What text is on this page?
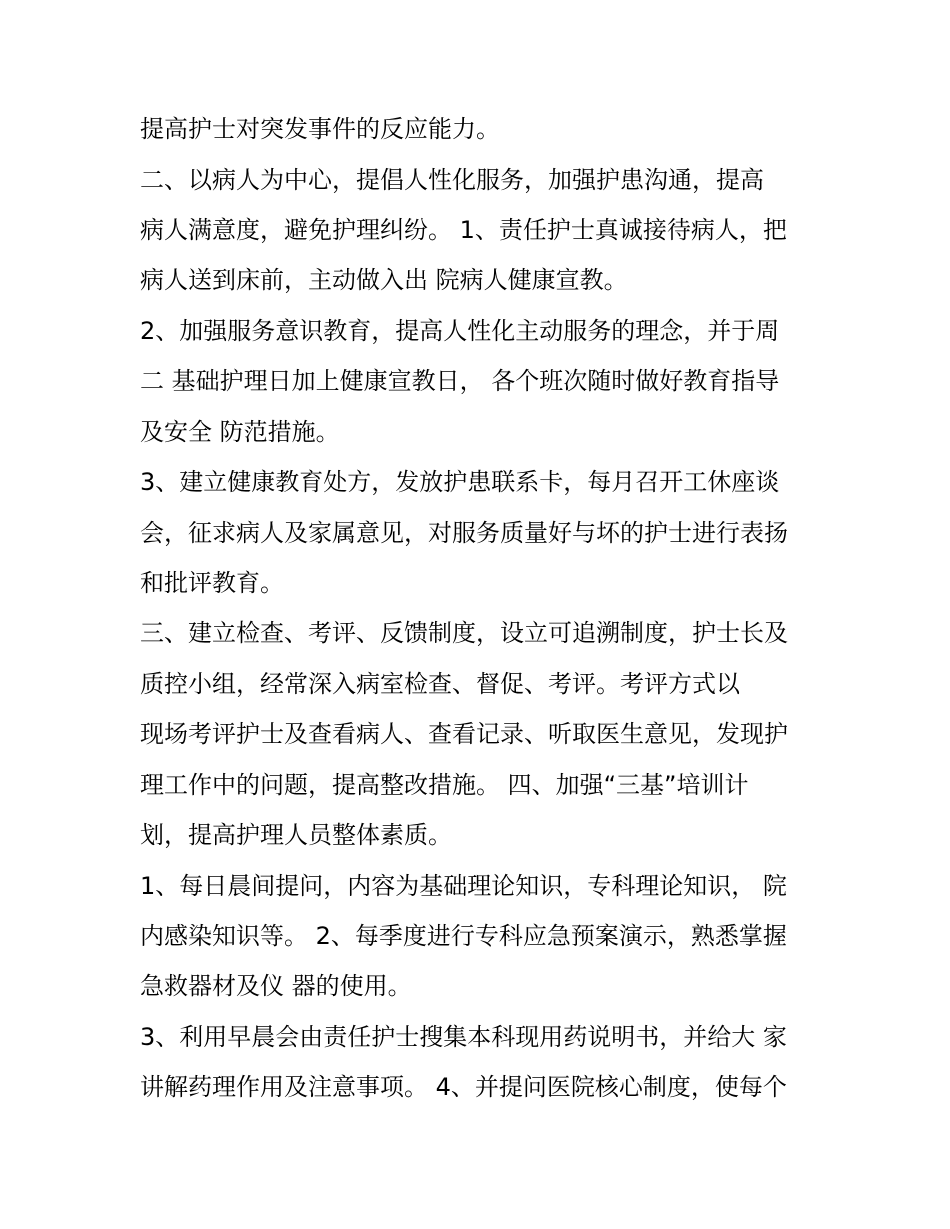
提高护士对突发事件的反应能力。
二、以病人为中心，提倡人性化服务，加强护患沟通，提高
病人满意度，避免护理纠纷。 1、责任护士真诚接待病人，把
病人送到床前，主动做入出 院病人健康宣教。
2、加强服务意识教育，提高人性化主动服务的理念，并于周
二 基础护理日加上健康宣教日， 各个班次随时做好教育指导
及安全 防范措施。
3、建立健康教育处方，发放护患联系卡，每月召开工休座谈
会，征求病人及家属意见，对服务质量好与坏的护士进行表扬
和批评教育。
三、建立检查、考评、反馈制度，设立可追溯制度，护士长及
质控小组，经常深入病室检查、督促、考评。考评方式以
现场考评护士及查看病人、查看记录、听取医生意见，发现护
理工作中的问题，提高整改措施。 四、加强“三基”培训计
划，提高护理人员整体素质。
1、每日晨间提问，内容为基础理论知识，专科理论知识， 院
内感染知识等。 2、每季度进行专科应急预案演示，熟悉掌握
急救器材及仪 器的使用。
3、利用早晨会由责任护士搜集本科现用药说明书，并给大 家
讲解药理作用及注意事项。 4、并提问医院核心制度，使每个
